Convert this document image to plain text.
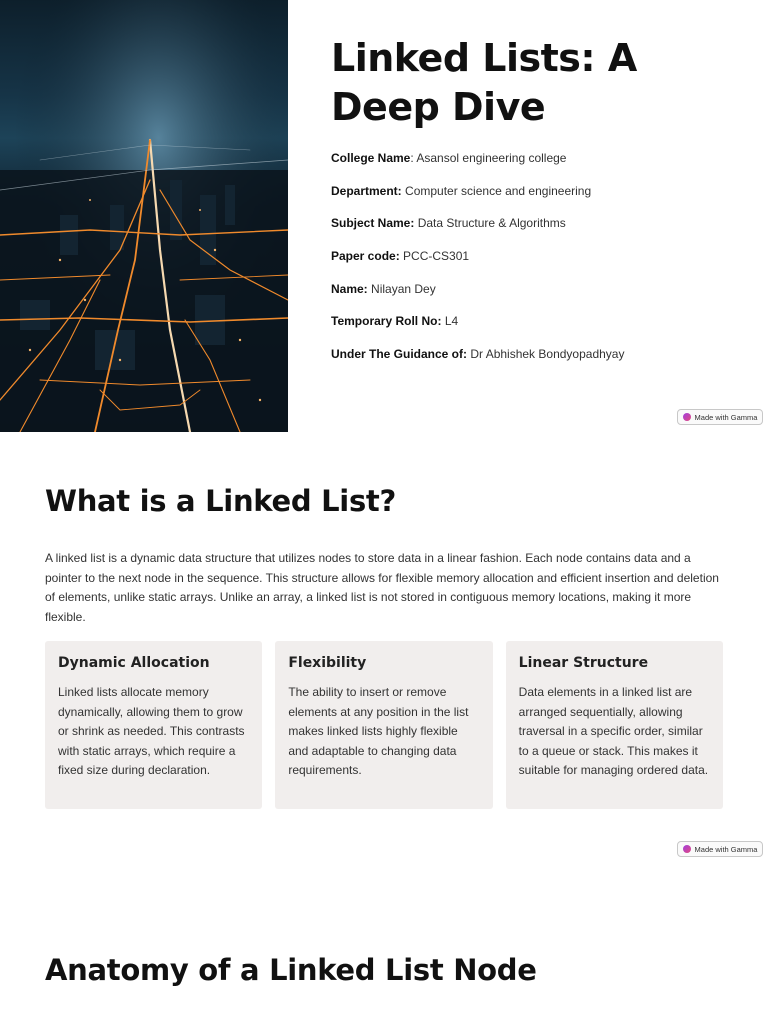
Linked Lists: A Deep Dive
College Name: Asansol engineering college
Department: Computer science and engineering
Subject Name: Data Structure & Algorithms
Paper code: PCC-CS301
Name: Nilayan Dey
Temporary Roll No: L4
Under The Guidance of: Dr Abhishek Bondyopadhyay
Made with Gamma
What is a Linked List?

A linked list is a dynamic data structure that utilizes nodes to store data in a linear fashion. Each node contains data and a pointer to the next node in the sequence. This structure allows for flexible memory allocation and efficient insertion and deletion of elements, unlike static arrays. Unlike an array, a linked list is not stored in contiguous memory locations, making it more flexible.

Dynamic Allocation

Linked lists allocate memory dynamically, allowing them to grow or shrink as needed. This contrasts with static arrays, which require a fixed size during declaration.

Flexibility

The ability to insert or remove elements at any position in the list makes linked lists highly flexible and adaptable to changing data requirements.

Linear Structure

Data elements in a linked list are arranged sequentially, allowing traversal in a specific order, similar to a queue or stack. This makes it suitable for managing ordered data.

Made with Gamma
Anatomy of a Linked List Node
